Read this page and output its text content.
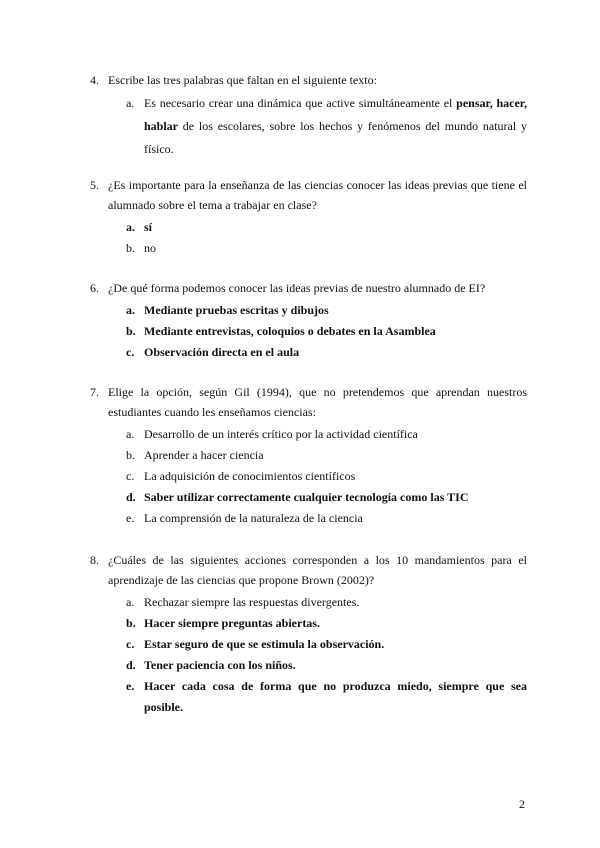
4. Escribe las tres palabras que faltan en el siguiente texto:
a. Es necesario crear una dinámica que active simultáneamente el pensar, hacer, hablar de los escolares, sobre los hechos y fenómenos del mundo natural y físico.
5. ¿Es importante para la enseñanza de las ciencias conocer las ideas previas que tiene el alumnado sobre el tema a trabajar en clase?
a. sí
b. no
6. ¿De qué forma podemos conocer las ideas previas de nuestro alumnado de EI?
a. Mediante pruebas escritas y dibujos
b. Mediante entrevistas, coloquios o debates en la Asamblea
c. Observación directa en el aula
7. Elige la opción, según Gil (1994), que no pretendemos que aprendan nuestros estudiantes cuando les enseñamos ciencias:
a. Desarrollo de un interés crítico por la actividad científica
b. Aprender a hacer ciencia
c. La adquisición de conocimientos científicos
d. Saber utilizar correctamente cualquier tecnología como las TIC
e. La comprensión de la naturaleza de la ciencia
8. ¿Cuáles de las siguientes acciones corresponden a los 10 mandamientos para el aprendizaje de las ciencias que propone Brown (2002)?
a. Rechazar siempre las respuestas divergentes.
b. Hacer siempre preguntas abiertas.
c. Estar seguro de que se estimula la observación.
d. Tener paciencia con los niños.
e. Hacer cada cosa de forma que no produzca miedo, siempre que sea posible.
2
